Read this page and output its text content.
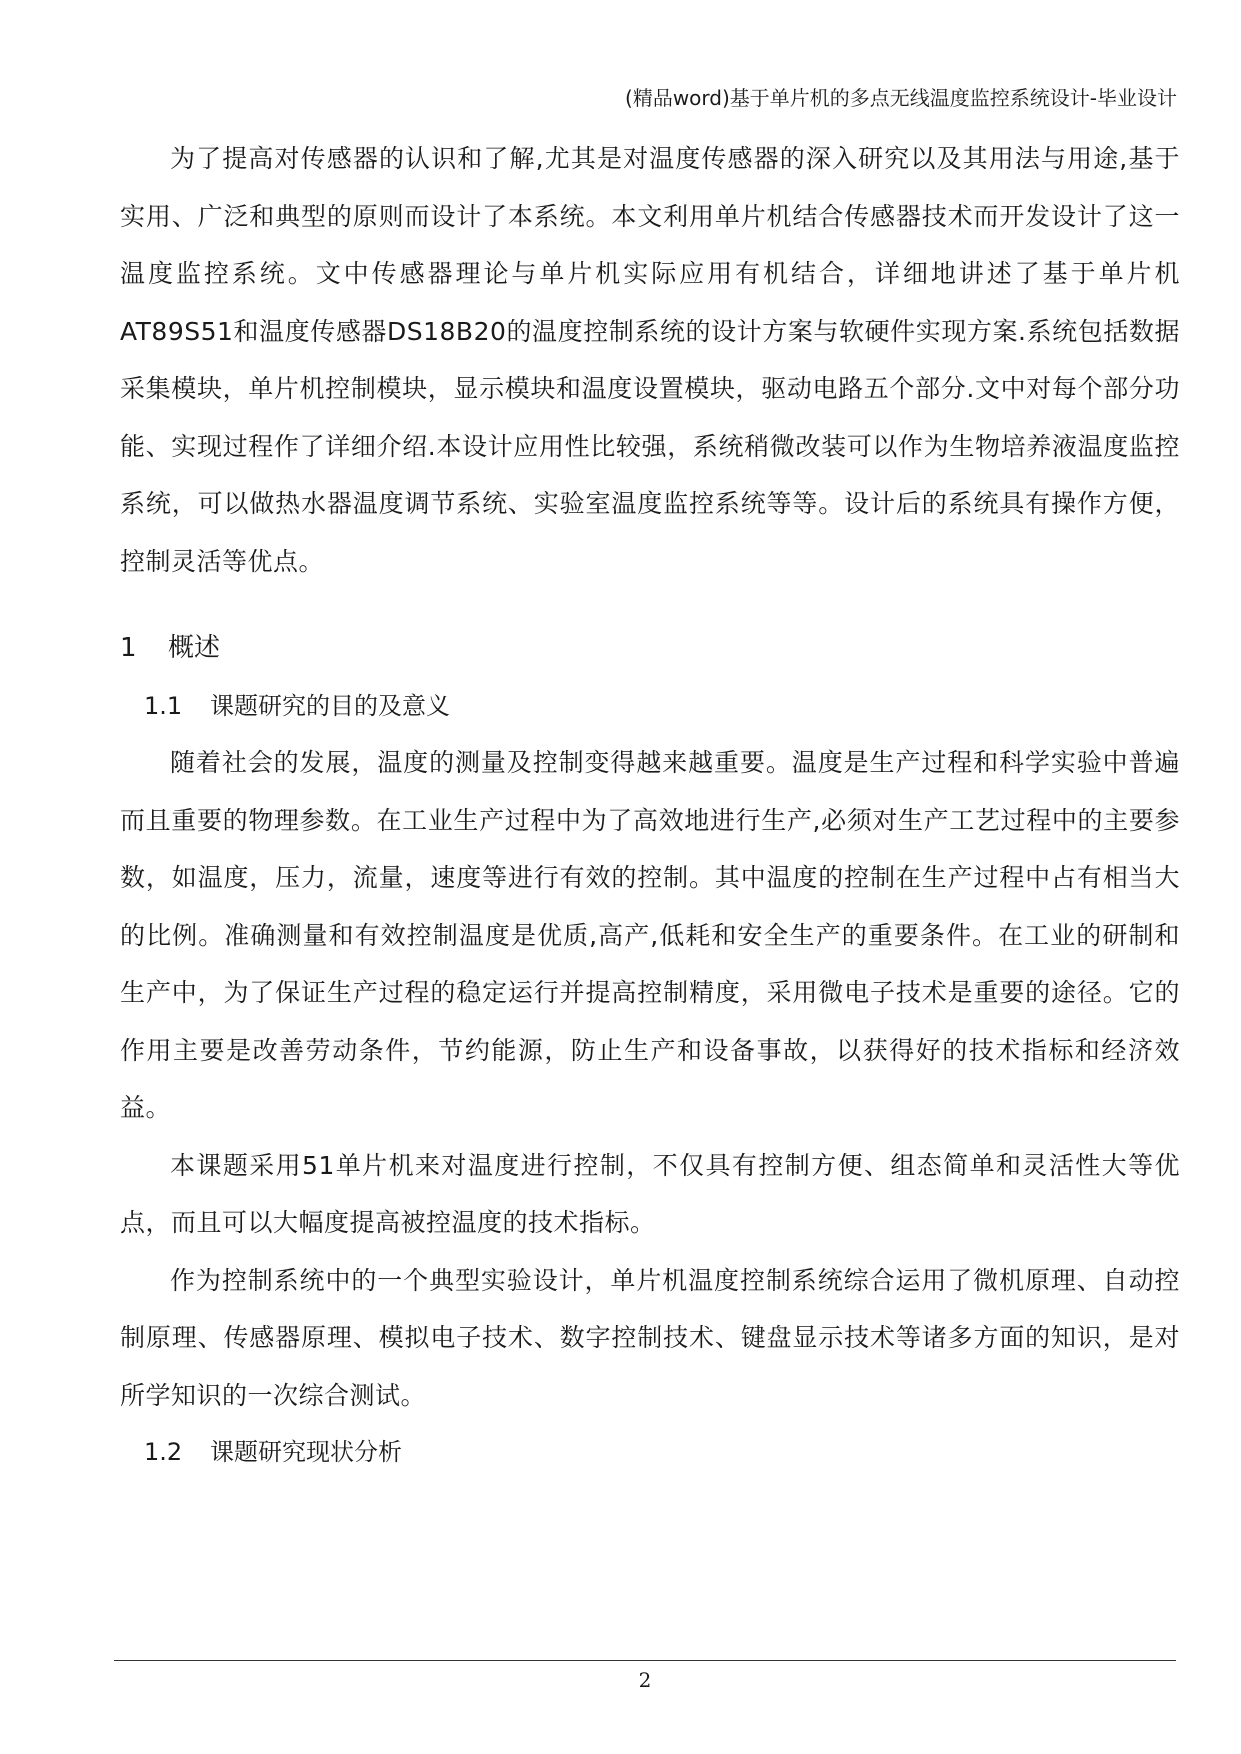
(精品word)基于单片机的多点无线温度监控系统设计-毕业设计

为了提高对传感器的认识和了解,尤其是对温度传感器的深入研究以及其用法与用途,基于实用、广泛和典型的原则而设计了本系统。本文利用单片机结合传感器技术而开发设计了这一温度监控系统。文中传感器理论与单片机实际应用有机结合，详细地讲述了基于单片机AT89S51和温度传感器DS18B20的温度控制系统的设计方案与软硬件实现方案.系统包括数据采集模块，单片机控制模块，显示模块和温度设置模块，驱动电路五个部分.文中对每个部分功能、实现过程作了详细介绍.本设计应用性比较强，系统稍微改装可以作为生物培养液温度监控系统，可以做热水器温度调节系统、实验室温度监控系统等等。设计后的系统具有操作方便，控制灵活等优点。

1	概述
1.1	课题研究的目的及意义

随着社会的发展，温度的测量及控制变得越来越重要。温度是生产过程和科学实验中普遍而且重要的物理参数。在工业生产过程中为了高效地进行生产,必须对生产工艺过程中的主要参数，如温度，压力，流量，速度等进行有效的控制。其中温度的控制在生产过程中占有相当大的比例。准确测量和有效控制温度是优质,高产,低耗和安全生产的重要条件。在工业的研制和生产中，为了保证生产过程的稳定运行并提高控制精度，采用微电子技术是重要的途径。它的作用主要是改善劳动条件，节约能源，防止生产和设备事故，以获得好的技术指标和经济效益。

本课题采用51单片机来对温度进行控制，不仅具有控制方便、组态简单和灵活性大等优点，而且可以大幅度提高被控温度的技术指标。

作为控制系统中的一个典型实验设计，单片机温度控制系统综合运用了微机原理、自动控制原理、传感器原理、模拟电子技术、数字控制技术、键盘显示技术等诸多方面的知识，是对所学知识的一次综合测试。

1.2	课题研究现状分析
2
